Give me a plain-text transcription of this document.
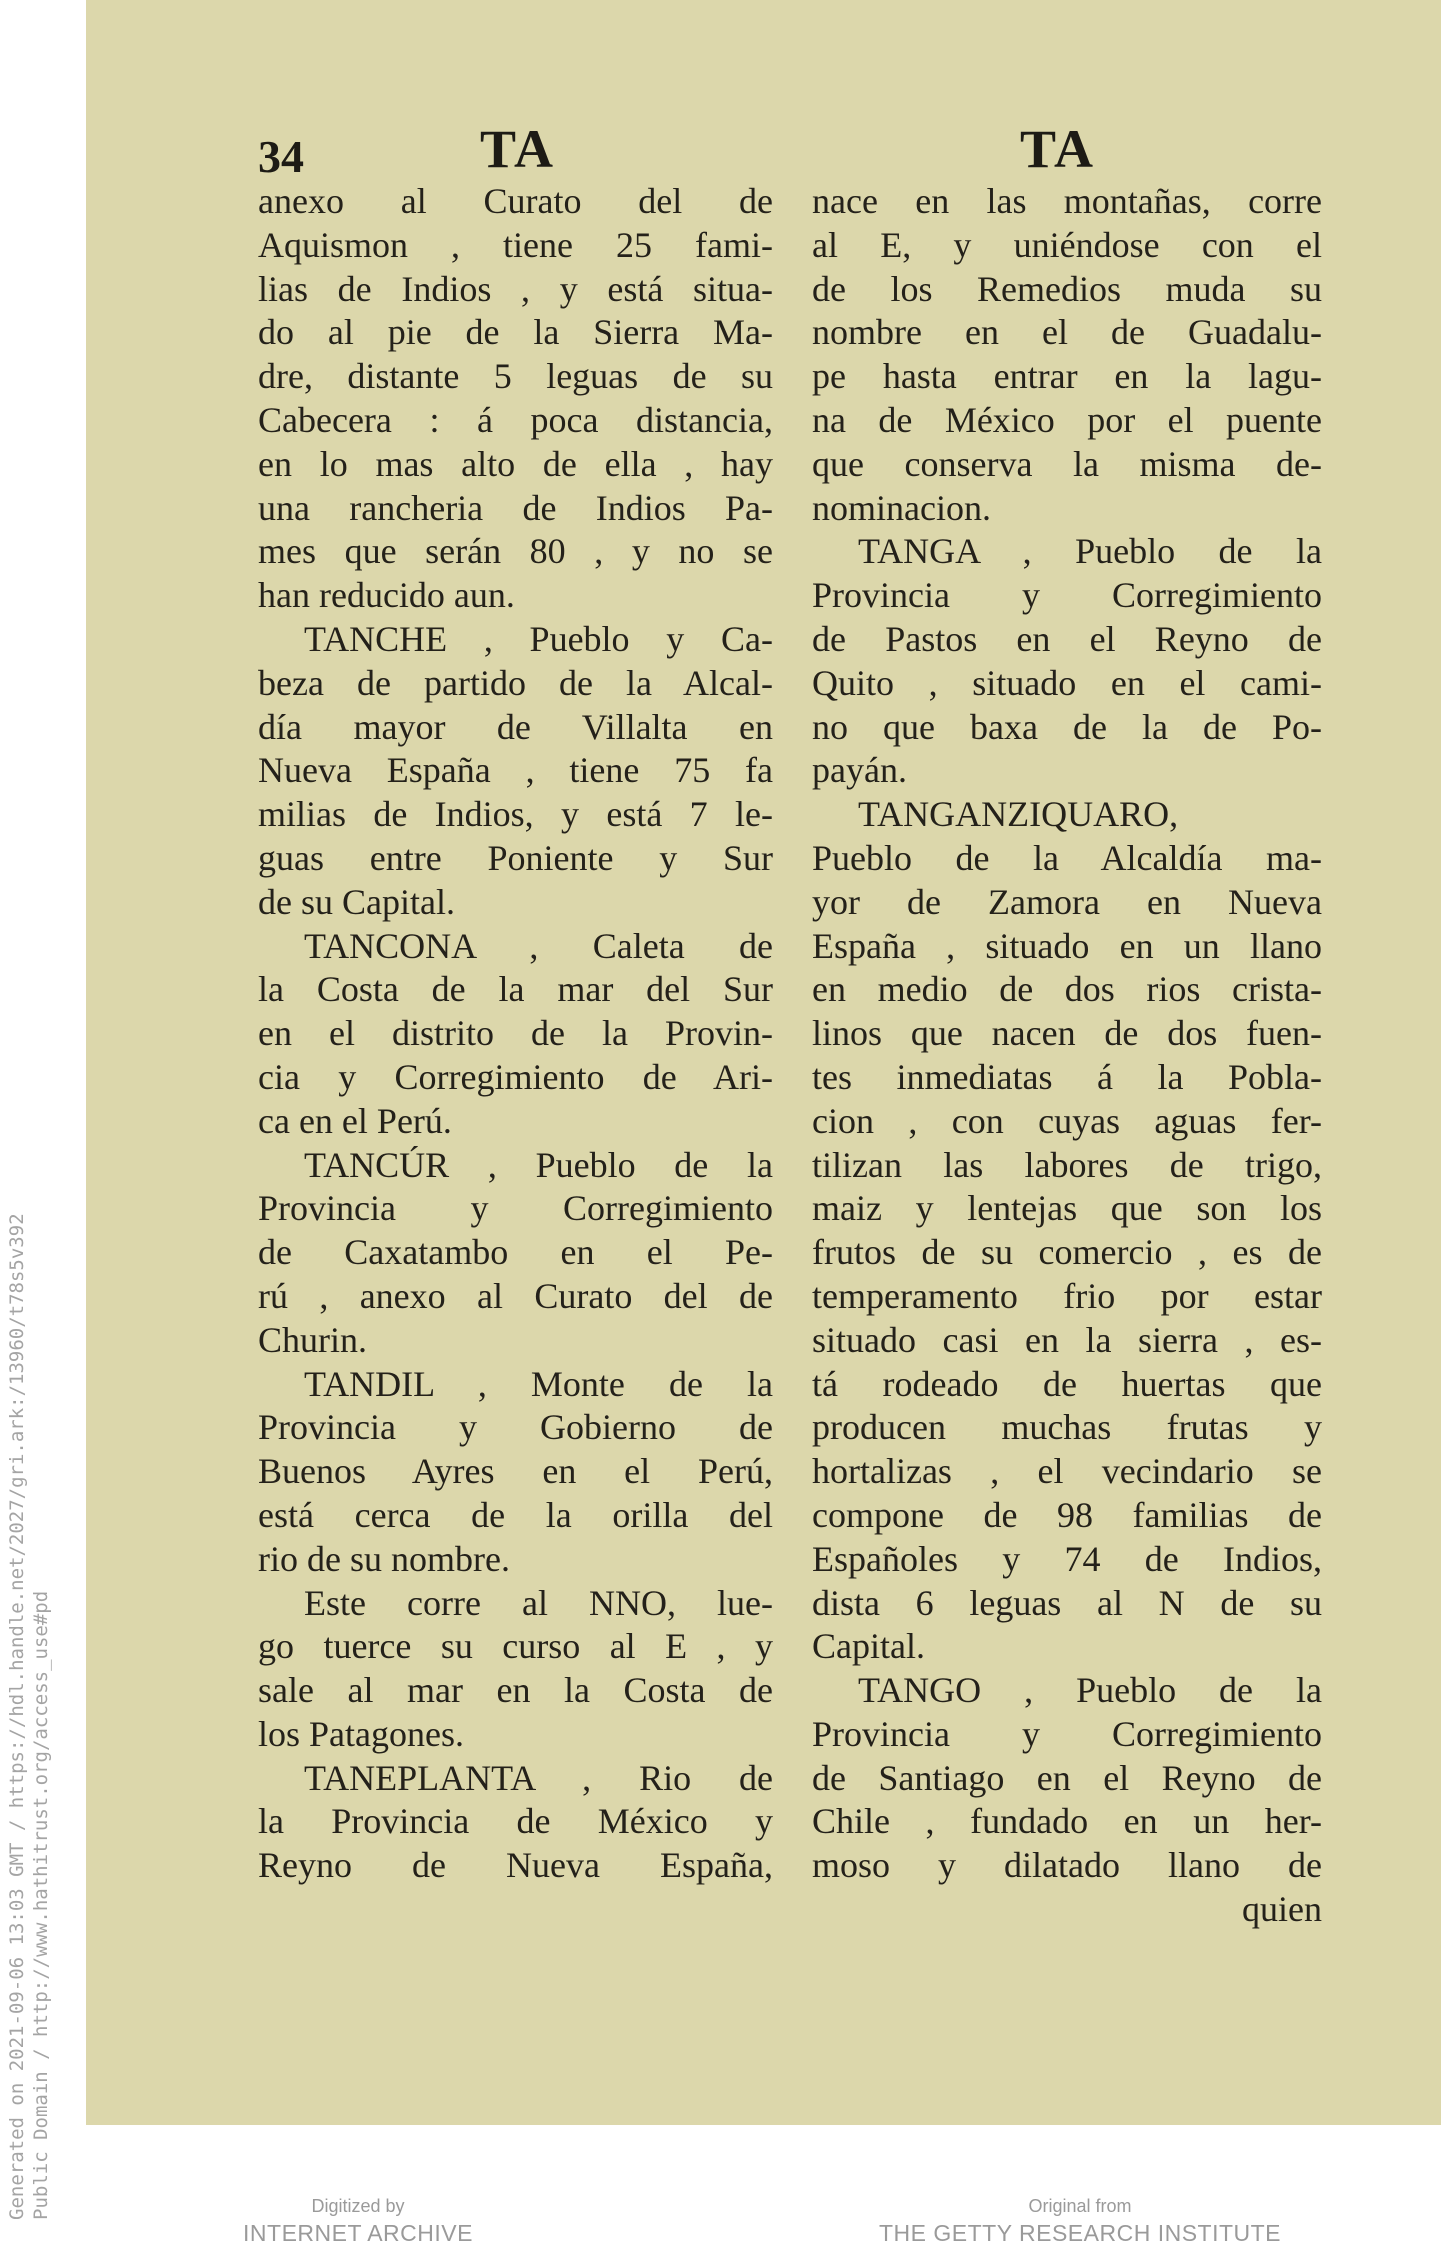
Generated on 2021-09-06 13:03 GMT / https://hdl.handle.net/2027/gri.ark:/13960/t78s5v392 Public Domain / http://www.hathitrust.org/access_use#pd
34	TA	TA
anexo al Curato del de
Aquismon , tiene 25 fami-
lias de Indios , y está situa-
do al pie de la Sierra Ma-
dre, distante 5 leguas de su
Cabecera : á poca distancia,
en lo mas alto de ella , hay
una rancheria de Indios Pa-
mes que serán 80 , y no se
han reducido aun.
TANCHE , Pueblo y Ca-
beza de partido de la Alcal-
día mayor de Villalta en
Nueva España , tiene 75 fa
milias de Indios, y está 7 le-
guas entre Poniente y Sur
de su Capital.
TANCONA , Caleta de
la Costa de la mar del Sur
en el distrito de la Provin-
cia y Corregimiento de Ari-
ca en el Perú.
TANCÚR , Pueblo de la
Provincia y Corregimiento
de Caxatambo en el Pe-
rú , anexo al Curato del de
Churin.
TANDIL , Monte de la
Provincia y Gobierno de
Buenos Ayres en el Perú,
está cerca de la orilla del
rio de su nombre.
Este corre al NNO, lue-
go tuerce su curso al E , y
sale al mar en la Costa de
los Patagones.
TANEPLANTA , Rio de
la Provincia de México y
Reyno de Nueva España,
nace en las montañas, corre
al E, y uniéndose con el
de los Remedios muda su
nombre en el de Guadalu-
pe hasta entrar en la lagu-
na de México por el puente
que conserva la misma de-
nominacion.
TANGA , Pueblo de la
Provincia y Corregimiento
de Pastos en el Reyno de
Quito , situado en el cami-
no que baxa de la de Po-
payán.
TANGANZIQUARO,
Pueblo de la Alcaldía ma-
yor de Zamora en Nueva
España , situado en un llano
en medio de dos rios crista-
linos que nacen de dos fuen-
tes inmediatas á la Pobla-
cion , con cuyas aguas fer-
tilizan las labores de trigo,
maiz y lentejas que son los
frutos de su comercio , es de
temperamento frio por estar
situado casi en la sierra , es-
tá rodeado de huertas que
producen muchas frutas y
hortalizas , el vecindario se
compone de 98 familias de
Españoles y 74 de Indios,
dista 6 leguas al N de su
Capital.
TANGO , Pueblo de la
Provincia y Corregimiento
de Santiago en el Reyno de
Chile , fundado en un her-
moso y dilatado llano de
quien
Digitized by
INTERNET ARCHIVE
Original from
THE GETTY RESEARCH INSTITUTE
